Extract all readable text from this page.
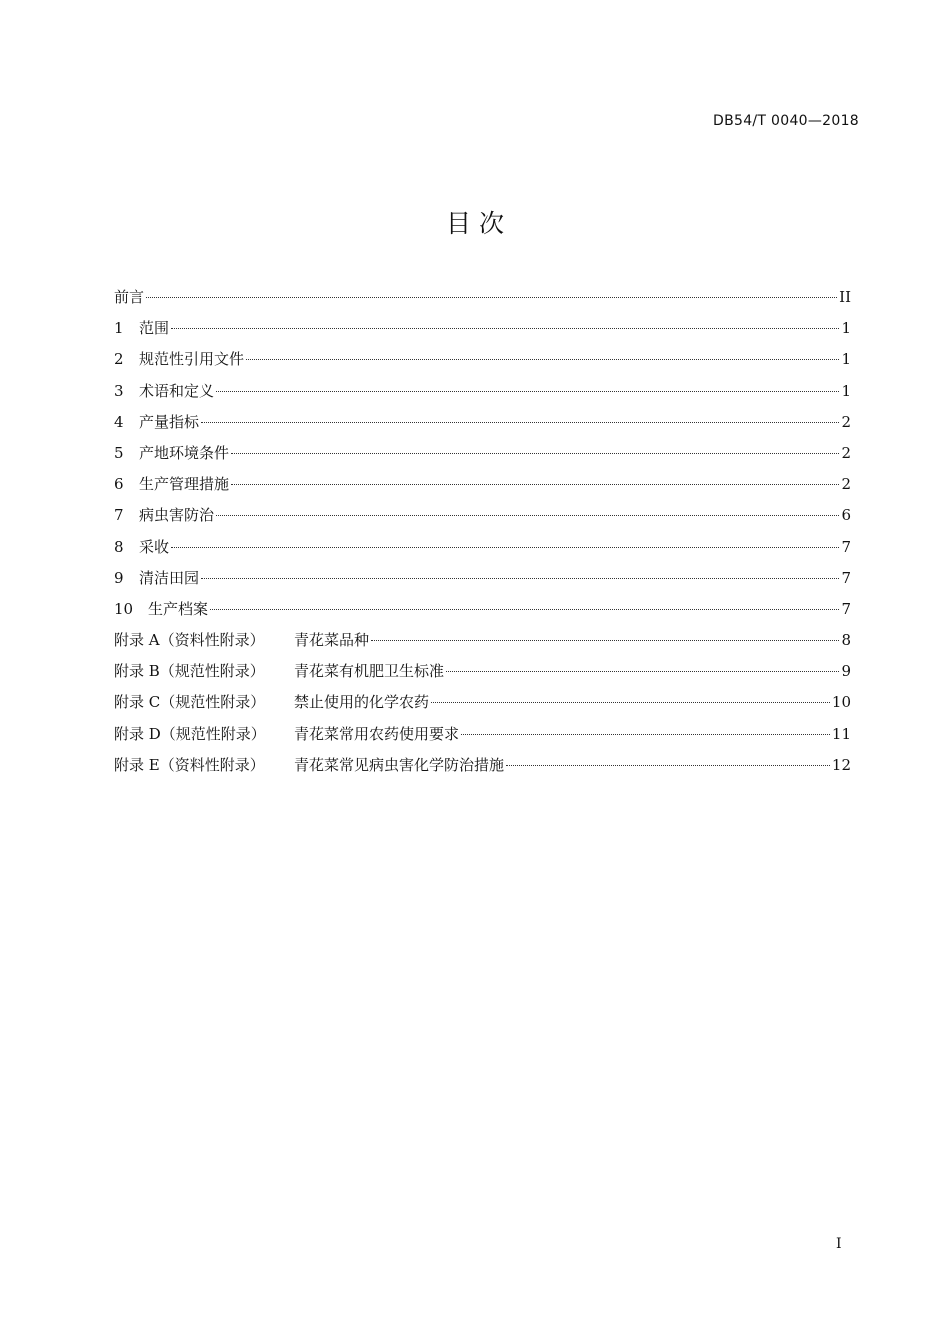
DB54/T 0040—2018
目 次
前言	II
1 范围	1
2 规范性引用文件	1
3 术语和定义	1
4 产量指标	2
5 产地环境条件	2
6 生产管理措施	2
7 病虫害防治	6
8 采收	7
9 清洁田园	7
10 生产档案	7
附录 A（资料性附录） 青花菜品种	8
附录 B（规范性附录） 青花菜有机肥卫生标准	9
附录 C（规范性附录） 禁止使用的化学农药	10
附录 D（规范性附录） 青花菜常用农药使用要求	11
附录 E（资料性附录） 青花菜常见病虫害化学防治措施	12
I
